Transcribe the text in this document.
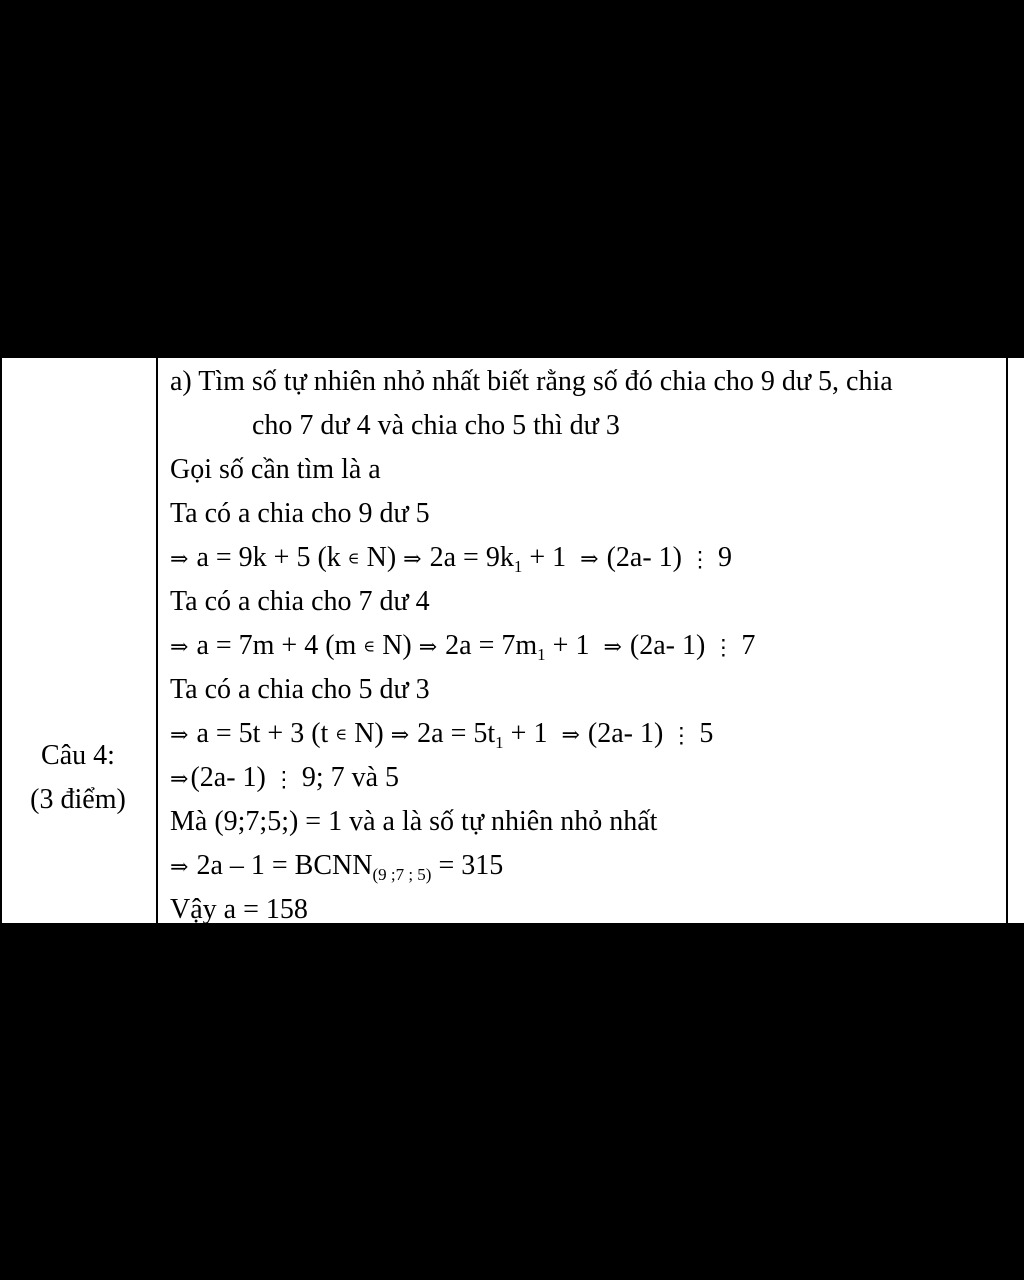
Câu 4:
(3 điểm)
a) Tìm số tự nhiên nhỏ nhất biết rằng số đó chia cho 9 dư 5, chia
cho 7 dư 4 và chia cho 5 thì dư 3
Gọi số cần tìm là a
Ta có a chia cho 9 dư 5
⇒ a = 9k + 5 (k ∈ N) ⇒ $2a = 9k_1 + 1$ ⇒ (2a- 1) ⋮ 9
Ta có a chia cho 7 dư 4
⇒ a = 7m + 4 (m ∈ N) ⇒ $2a = 7m_1 + 1$ ⇒ (2a- 1) ⋮ 7
Ta có a chia cho 5 dư 3
⇒ a = 5t + 3 (t ∈ N) ⇒ $2a = 5t_1 + 1$ ⇒ (2a- 1) ⋮ 5
⇒(2a- 1) ⋮ 9; 7 và 5
Mà (9;7;5;) = 1 và a là số tự nhiên nhỏ nhất
⇒ $2a - 1 = BCNN_{(9 ;7 ; 5)} = 315$
Vậy a = 158
